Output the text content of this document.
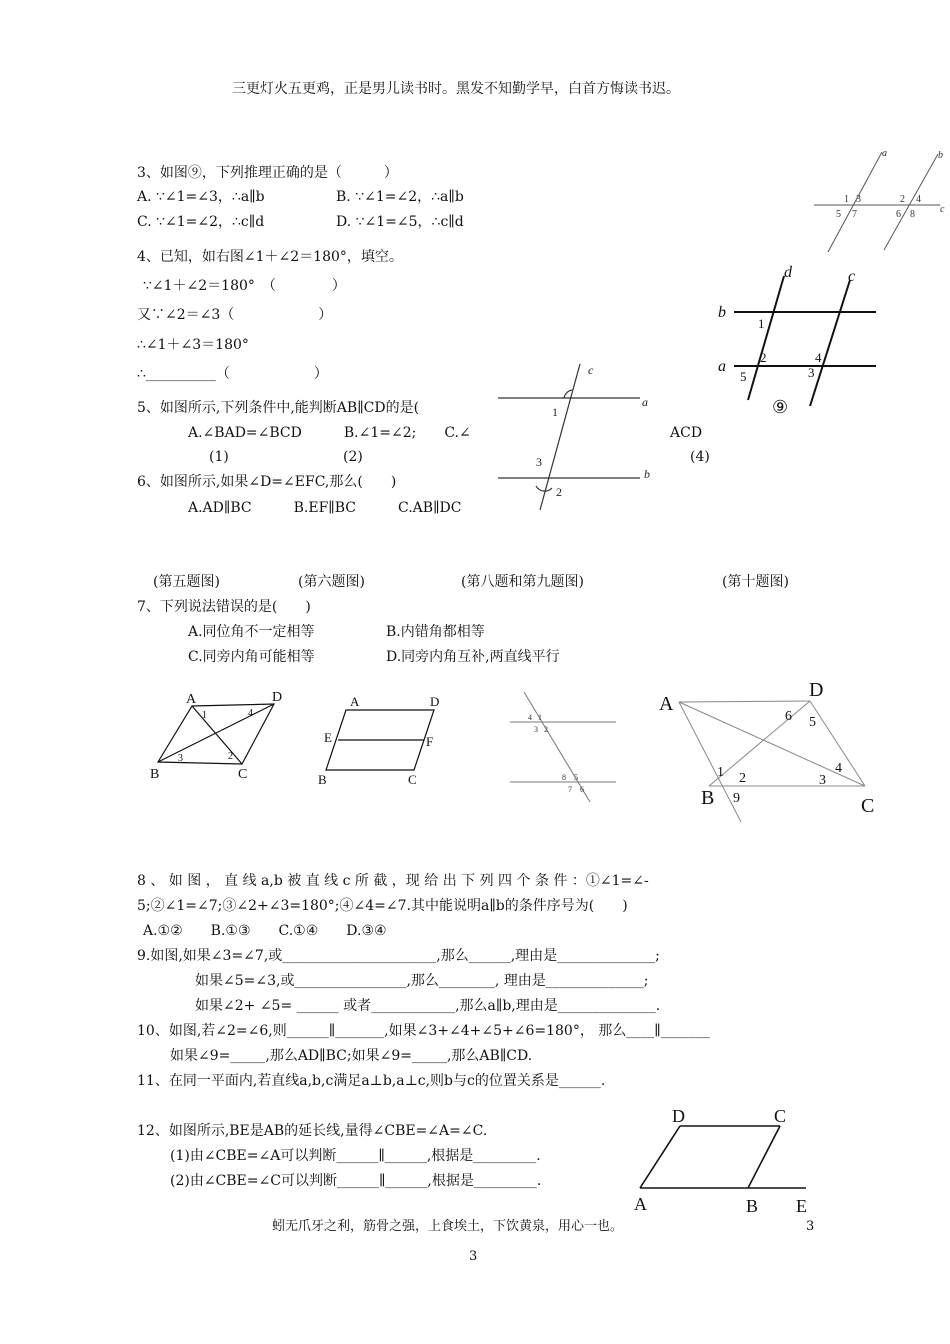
三更灯火五更鸡，正是男儿读书时。黑发不知勤学早，白首方悔读书迟。
蚓无爪牙之利，筋骨之强，上食埃土，下饮黄泉，用心一也。	3
3
3、如图⑨，下列推理正确的是（　　　）
A. ∵∠1=∠3，∴a∥b	B. ∵∠1=∠2，∴a∥b
C. ∵∠1=∠2，∴c∥d	D. ∵∠1=∠5，∴c∥d
4、已知，如右图∠1＋∠2＝180°，填空。
∵∠1＋∠2＝180°　（　　　　）
又∵∠2＝∠3（　　　　　　）
∴∠1＋∠3＝180°
∴__________（　　　　　　）
5、如图所示,下列条件中,能判断AB∥CD的是(
A.∠BAD=∠BCD　　　B.∠1=∠2;　　C.∠	ACD
(1)	(2)	(4)
6、如图所示,如果∠D=∠EFC,那么(　　)
A.AD∥BC　　　B.EF∥BC　　　C.AB∥DC
(第五题图)	(第六题图)	(第八题和第九题图)	(第十题图)
7、下列说法错误的是(　　)
A.同位角不一定相等	B.内错角都相等
C.同旁内角可能相等	D.同旁内角互补,两直线平行
8 、 如 图 ， 直 线 a,b 被 直 线 c 所 截 ，现 给 出 下 列 四 个 条 件 ：①∠1=∠-
5;②∠1=∠7;③∠2+∠3=180°;④∠4=∠7.其中能说明a∥b的条件序号为(　　)
A.①②　　B.①③　　C.①④　　D.③④
9.如图,如果∠3=∠7,或______________________,那么______,理由是______________;
如果∠5=∠3,或________________,那么________, 理由是______________;
如果∠2+ ∠5= ______ 或者____________,那么a∥b,理由是______________.
10、如图,若∠2=∠6,则______∥_______,如果∠3+∠4+∠5+∠6=180°， 那么____∥_______
如果∠9=_____,那么AD∥BC;如果∠9=_____,那么AB∥CD.
11、在同一平面内,若直线a,b,c满足a⊥b,a⊥c,则b与c的位置关系是______.
12、如图所示,BE是AB的延长线,量得∠CBE=∠A=∠C.
(1)由∠CBE=∠A可以判断______∥______,根据是_________.
(2)由∠CBE=∠C可以判断______∥______,根据是_________.
a	b
c
1 3	2 4
5 7	6 8
d	c
b
a
1
2	4
5	3
⑨
c
a
b
1
3
2
A	D
B	C
1	4
3	2
A	D
E	F
B	C
4 1
3 2
8 5
7 6
A
D
B	C
6 5
1 2	3
4
9
D	C
A	B E
